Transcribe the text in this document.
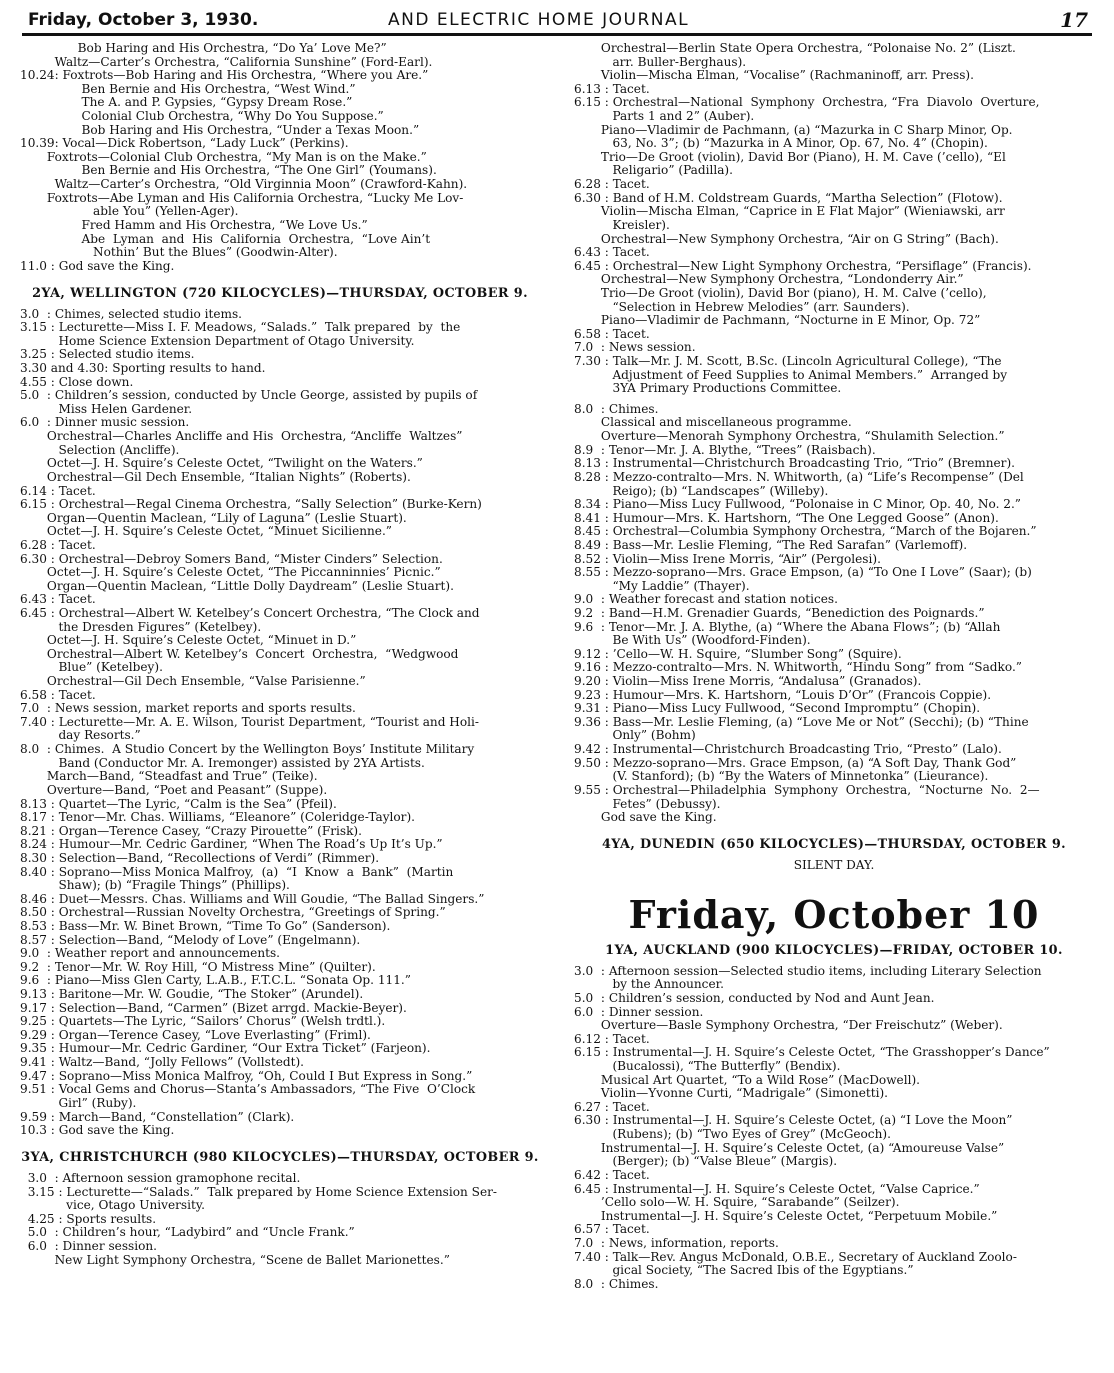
Friday, October 3, 1930.	AND ELECTRIC HOME JOURNAL	17
Bob Haring and His Orchestra, “Do Ya’ Love Me?”
Waltz—Carter’s Orchestra, “California Sunshine” (Ford-Earl).
10.24: Foxtrots—Bob Haring and His Orchestra, “Where you Are.”
Ben Bernie and His Orchestra, “West Wind.”
The A. and P. Gypsies, “Gypsy Dream Rose.”
Colonial Club Orchestra, “Why Do You Suppose.”
Bob Haring and His Orchestra, “Under a Texas Moon.”
10.39: Vocal—Dick Robertson, “Lady Luck” (Perkins).
Foxtrots—Colonial Club Orchestra, “My Man is on the Make.”
Ben Bernie and His Orchestra, “The One Girl” (Youmans).
Waltz—Carter’s Orchestra, “Old Virginnia Moon” (Crawford-Kahn).
Foxtrots—Abe Lyman and His California Orchestra, “Lucky Me Lov-
able You” (Yellen-Ager).
Fred Hamm and His Orchestra, “We Love Us.”
Abe  Lyman  and  His  California  Orchestra,  “Love Ain’t
Nothin’ But the Blues” (Goodwin-Alter).
11.0 : God save the King.
2YA, WELLINGTON (720 KILOCYCLES)—THURSDAY, OCTOBER 9.
3.0  : Chimes, selected studio items.
3.15 : Lecturette—Miss I. F. Meadows, “Salads.”  Talk prepared  by  the
Home Science Extension Department of Otago University.
3.25 : Selected studio items.
3.30 and 4.30: Sporting results to hand.
4.55 : Close down.
5.0  : Children’s session, conducted by Uncle George, assisted by pupils of
Miss Helen Gardener.
6.0  : Dinner music session.
Orchestral—Charles Ancliffe and His  Orchestra, “Ancliffe  Waltzes”
Selection (Ancliffe).
Octet—J. H. Squire’s Celeste Octet, “Twilight on the Waters.”
Orchestral—Gil Dech Ensemble, “Italian Nights” (Roberts).
6.14 : Tacet.
6.15 : Orchestral—Regal Cinema Orchestra, “Sally Selection” (Burke-Kern)
Organ—Quentin Maclean, “Lily of Laguna” (Leslie Stuart).
Octet—J. H. Squire’s Celeste Octet, “Minuet Sicilienne.”
6.28 : Tacet.
6.30 : Orchestral—Debroy Somers Band, “Mister Cinders” Selection.
Octet—J. H. Squire’s Celeste Octet, “The Piccanninnies’ Picnic.”
Organ—Quentin Maclean, “Little Dolly Daydream” (Leslie Stuart).
6.43 : Tacet.
6.45 : Orchestral—Albert W. Ketelbey’s Concert Orchestra, “The Clock and
the Dresden Figures” (Ketelbey).
Octet—J. H. Squire’s Celeste Octet, “Minuet in D.”
Orchestral—Albert W. Ketelbey’s  Concert  Orchestra,  “Wedgwood
Blue” (Ketelbey).
Orchestral—Gil Dech Ensemble, “Valse Parisienne.”
6.58 : Tacet.
7.0  : News session, market reports and sports results.
7.40 : Lecturette—Mr. A. E. Wilson, Tourist Department, “Tourist and Holi-
day Resorts.”
8.0  : Chimes.  A Studio Concert by the Wellington Boys’ Institute Military
Band (Conductor Mr. A. Iremonger) assisted by 2YA Artists.
March—Band, “Steadfast and True” (Teike).
Overture—Band, “Poet and Peasant” (Suppe).
8.13 : Quartet—The Lyric, “Calm is the Sea” (Pfeil).
8.17 : Tenor—Mr. Chas. Williams, “Eleanore” (Coleridge-Taylor).
8.21 : Organ—Terence Casey, “Crazy Pirouette” (Frisk).
8.24 : Humour—Mr. Cedric Gardiner, “When The Road’s Up It’s Up.”
8.30 : Selection—Band, “Recollections of Verdi” (Rimmer).
8.40 : Soprano—Miss Monica Malfroy,  (a)  “I  Know  a  Bank”  (Martin
Shaw); (b) “Fragile Things” (Phillips).
8.46 : Duet—Messrs. Chas. Williams and Will Goudie, “The Ballad Singers.”
8.50 : Orchestral—Russian Novelty Orchestra, “Greetings of Spring.”
8.53 : Bass—Mr. W. Binet Brown, “Time To Go” (Sanderson).
8.57 : Selection—Band, “Melody of Love” (Engelmann).
9.0  : Weather report and announcements.
9.2  : Tenor—Mr. W. Roy Hill, “O Mistress Mine” (Quilter).
9.6  : Piano—Miss Glen Carty, L.A.B., F.T.C.L. “Sonata Op. 111.”
9.13 : Baritone—Mr. W. Goudie, “The Stoker” (Arundel).
9.17 : Selection—Band, “Carmen” (Bizet arrgd. Mackie-Beyer).
9.25 : Quartets—The Lyric, “Sailors’ Chorus” (Welsh trdtl.).
9.29 : Organ—Terence Casey, “Love Everlasting” (Friml).
9.35 : Humour—Mr. Cedric Gardiner, “Our Extra Ticket” (Farjeon).
9.41 : Waltz—Band, “Jolly Fellows” (Vollstedt).
9.47 : Soprano—Miss Monica Malfroy, “Oh, Could I But Express in Song.”
9.51 : Vocal Gems and Chorus—Stanta’s Ambassadors, “The Five  O’Clock
Girl” (Ruby).
9.59 : March—Band, “Constellation” (Clark).
10.3 : God save the King.
3YA, CHRISTCHURCH (980 KILOCYCLES)—THURSDAY, OCTOBER 9.
3.0  : Afternoon session gramophone recital.
3.15 : Lecturette—“Salads.”  Talk prepared by Home Science Extension Ser-
vice, Otago University.
4.25 : Sports results.
5.0  : Children’s hour, “Ladybird” and “Uncle Frank.”
6.0  : Dinner session.
New Light Symphony Orchestra, “Scene de Ballet Marionettes.”
Orchestral—Berlin State Opera Orchestra, “Polonaise No. 2” (Liszt.
arr. Buller-Berghaus).
Violin—Mischa Elman, “Vocalise” (Rachmaninoff, arr. Press).
6.13 : Tacet.
6.15 : Orchestral—National  Symphony  Orchestra, “Fra  Diavolo  Overture,
Parts 1 and 2” (Auber).
Piano—Vladimir de Pachmann, (a) “Mazurka in C Sharp Minor, Op.
63, No. 3”; (b) “Mazurka in A Minor, Op. 67, No. 4” (Chopin).
Trio—De Groot (violin), David Bor (Piano), H. M. Cave (’cello), “El
Religario” (Padilla).
6.28 : Tacet.
6.30 : Band of H.M. Coldstream Guards, “Martha Selection” (Flotow).
Violin—Mischa Elman, “Caprice in E Flat Major” (Wieniawski, arr
Kreisler).
Orchestral—New Symphony Orchestra, “Air on G String” (Bach).
6.43 : Tacet.
6.45 : Orchestral—New Light Symphony Orchestra, “Persiflage” (Francis).
Orchestral—New Symphony Orchestra, “Londonderry Air.”
Trio—De Groot (violin), David Bor (piano), H. M. Calve (’cello),
“Selection in Hebrew Melodies” (arr. Saunders).
Piano—Vladimir de Pachmann, “Nocturne in E Minor, Op. 72”
6.58 : Tacet.
7.0  : News session.
7.30 : Talk—Mr. J. M. Scott, B.Sc. (Lincoln Agricultural College), “The
Adjustment of Feed Supplies to Animal Members.”  Arranged by
3YA Primary Productions Committee.
8.0  : Chimes.
Classical and miscellaneous programme.
Overture—Menorah Symphony Orchestra, “Shulamith Selection.”
8.9  : Tenor—Mr. J. A. Blythe, “Trees” (Raisbach).
8.13 : Instrumental—Christchurch Broadcasting Trio, “Trio” (Bremner).
8.28 : Mezzo-contralto—Mrs. N. Whitworth, (a) “Life’s Recompense” (Del
Reigo); (b) “Landscapes” (Willeby).
8.34 : Piano—Miss Lucy Fullwood, “Polonaise in C Minor, Op. 40, No. 2.”
8.41 : Humour—Mrs. K. Hartshorn, “The One Legged Goose” (Anon).
8.45 : Orchestral—Columbia Symphony Orchestra, “March of the Bojaren.”
8.49 : Bass—Mr. Leslie Fleming, “The Red Sarafan” (Varlemoff).
8.52 : Violin—Miss Irene Morris, “Air” (Pergolesi).
8.55 : Mezzo-soprano—Mrs. Grace Empson, (a) “To One I Love” (Saar); (b)
“My Laddie” (Thayer).
9.0  : Weather forecast and station notices.
9.2  : Band—H.M. Grenadier Guards, “Benediction des Poignards.”
9.6  : Tenor—Mr. J. A. Blythe, (a) “Where the Abana Flows”; (b) “Allah
Be With Us” (Woodford-Finden).
9.12 : ’Cello—W. H. Squire, “Slumber Song” (Squire).
9.16 : Mezzo-contralto—Mrs. N. Whitworth, “Hindu Song” from “Sadko.”
9.20 : Violin—Miss Irene Morris, “Andalusa” (Granados).
9.23 : Humour—Mrs. K. Hartshorn, “Louis D’Or” (Francois Coppie).
9.31 : Piano—Miss Lucy Fullwood, “Second Impromptu” (Chopin).
9.36 : Bass—Mr. Leslie Fleming, (a) “Love Me or Not” (Secchi); (b) “Thine
Only” (Bohm)
9.42 : Instrumental—Christchurch Broadcasting Trio, “Presto” (Lalo).
9.50 : Mezzo-soprano—Mrs. Grace Empson, (a) “A Soft Day, Thank God”
(V. Stanford); (b) “By the Waters of Minnetonka” (Lieurance).
9.55 : Orchestral—Philadelphia  Symphony  Orchestra,  “Nocturne  No.  2—
Fetes” (Debussy).
God save the King.
4YA, DUNEDIN (650 KILOCYCLES)—THURSDAY, OCTOBER 9.
SILENT DAY.
Friday, October 10
1YA, AUCKLAND (900 KILOCYCLES)—FRIDAY, OCTOBER 10.
3.0  : Afternoon session—Selected studio items, including Literary Selection
by the Announcer.
5.0  : Children’s session, conducted by Nod and Aunt Jean.
6.0  : Dinner session.
Overture—Basle Symphony Orchestra, “Der Freischutz” (Weber).
6.12 : Tacet.
6.15 : Instrumental—J. H. Squire’s Celeste Octet, “The Grasshopper’s Dance”
(Bucalossi), “The Butterfly” (Bendix).
Musical Art Quartet, “To a Wild Rose” (MacDowell).
Violin—Yvonne Curti, “Madrigale” (Simonetti).
6.27 : Tacet.
6.30 : Instrumental—J. H. Squire’s Celeste Octet, (a) “I Love the Moon”
(Rubens); (b) “Two Eyes of Grey” (McGeoch).
Instrumental—J. H. Squire’s Celeste Octet, (a) “Amoureuse Valse”
(Berger); (b) “Valse Bleue” (Margis).
6.42 : Tacet.
6.45 : Instrumental—J. H. Squire’s Celeste Octet, “Valse Caprice.”
’Cello solo—W. H. Squire, “Sarabande” (Seilzer).
Instrumental—J. H. Squire’s Celeste Octet, “Perpetuum Mobile.”
6.57 : Tacet.
7.0  : News, information, reports.
7.40 : Talk—Rev. Angus McDonald, O.B.E., Secretary of Auckland Zoolo-
gical Society, “The Sacred Ibis of the Egyptians.”
8.0  : Chimes.
